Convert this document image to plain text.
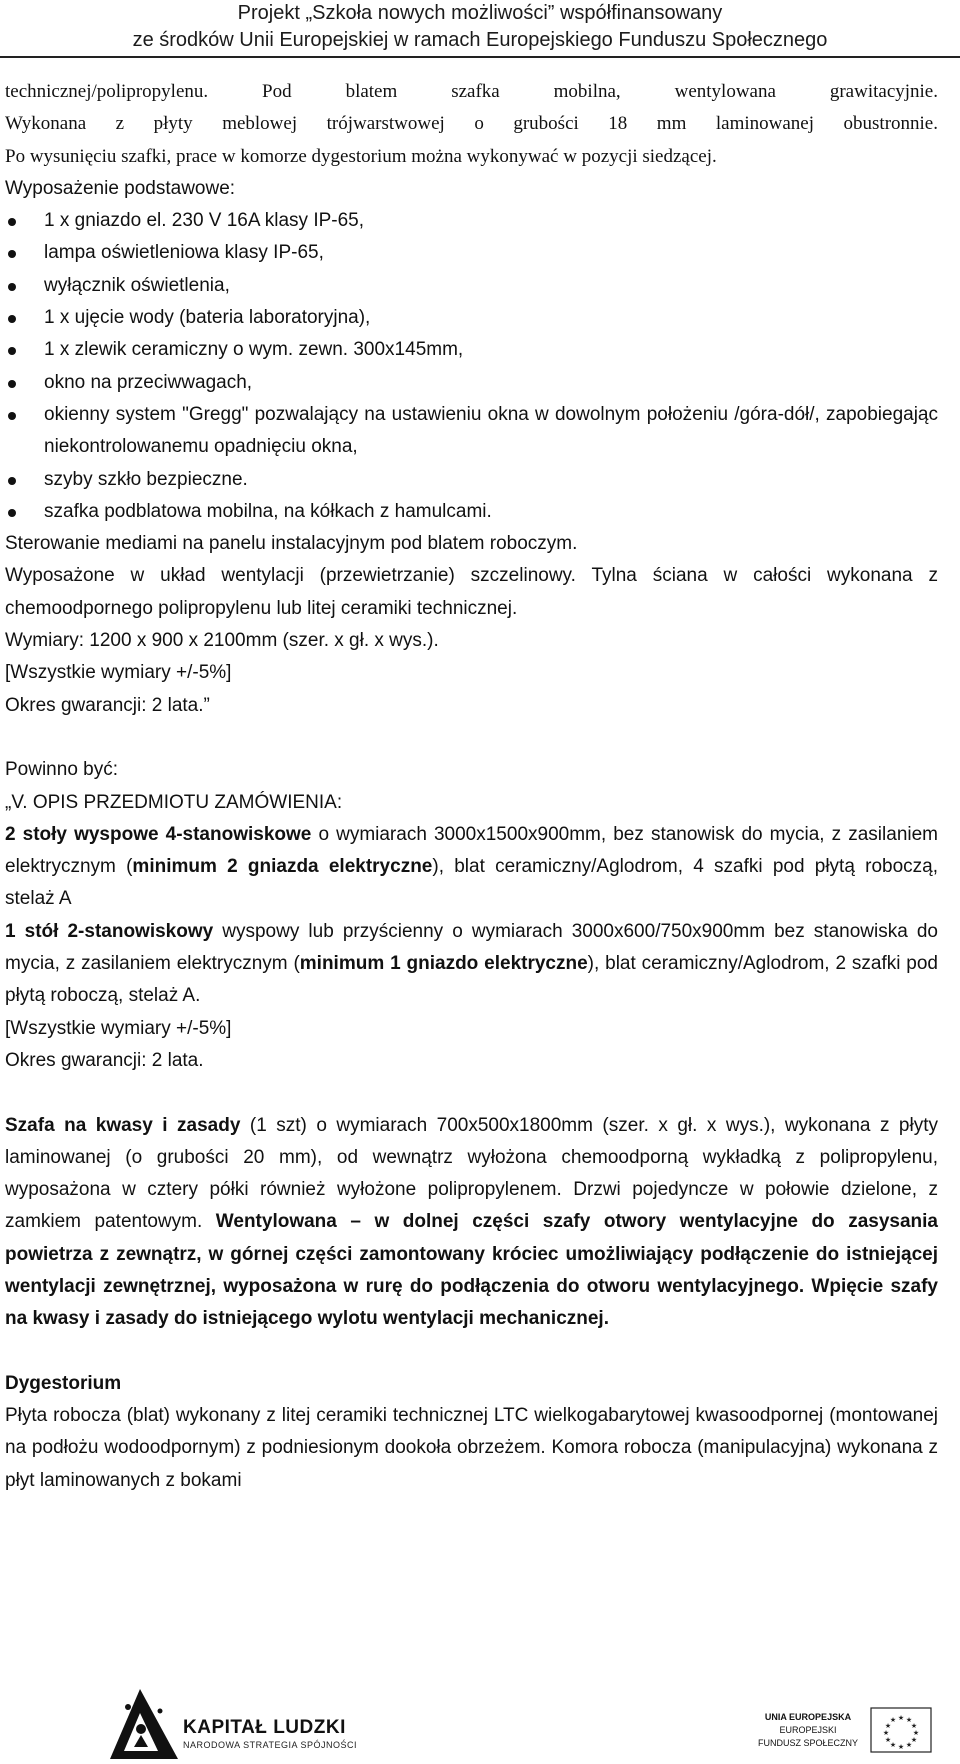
Projekt „Szkoła nowych możliwości” współfinansowany
ze środków Unii Europejskiej w ramach Europejskiego Funduszu Społecznego

technicznej/polipropylenu. Pod blatem szafka mobilna, wentylowana grawitacyjnie.

Wykonana z płyty meblowej trójwarstwowej o grubości 18 mm laminowanej obustronnie.

Po wysunięciu szafki, prace w komorze dygestorium można wykonywać w pozycji siedzącej.

Wyposażenie podstawowe:

1 x gniazdo el. 230 V 16A klasy IP-65,
lampa oświetleniowa klasy IP-65,
wyłącznik oświetlenia,
1 x ujęcie wody (bateria laboratoryjna),
1 x zlewik ceramiczny o wym. zewn. 300x145mm,
okno na przeciwwagach,
okienny system "Gregg" pozwalający na ustawieniu okna w dowolnym położeniu /góra-dół/, zapobiegając niekontrolowanemu opadnięciu okna,
szyby szkło bezpieczne.
szafka podblatowa mobilna, na kółkach z hamulcami.

Sterowanie mediami na panelu instalacyjnym pod blatem roboczym.

Wyposażone w układ wentylacji (przewietrzanie) szczelinowy. Tylna ściana w całości wykonana z chemoodpornego polipropylenu lub litej ceramiki technicznej.

Wymiary: 1200 x 900 x 2100mm (szer. x gł. x wys.).

[Wszystkie wymiary +/-5%]

Okres gwarancji: 2 lata.”

Powinno być:

„V. OPIS PRZEDMIOTU ZAMÓWIENIA:

2 stoły wyspowe 4-stanowiskowe o wymiarach 3000x1500x900mm, bez stanowisk do mycia, z zasilaniem elektrycznym (minimum 2 gniazda elektryczne), blat ceramiczny/Aglodrom, 4 szafki pod płytą roboczą, stelaż A

1 stół 2-stanowiskowy wyspowy lub przyścienny o wymiarach 3000x600/750x900mm bez stanowiska do mycia, z zasilaniem elektrycznym (minimum 1 gniazdo elektryczne), blat ceramiczny/Aglodrom, 2 szafki pod płytą roboczą, stelaż A.

[Wszystkie wymiary +/-5%]

Okres gwarancji: 2 lata.

Szafa na kwasy i zasady (1 szt) o wymiarach 700x500x1800mm (szer. x gł. x wys.), wykonana z płyty laminowanej (o grubości 20 mm), od wewnątrz wyłożona chemoodporną wykładką z polipropylenu, wyposażona w cztery półki również wyłożone polipropylenem. Drzwi pojedyncze w połowie dzielone, z zamkiem patentowym. Wentylowana – w dolnej części szafy otwory wentylacyjne do zasysania powietrza z zewnątrz, w górnej części zamontowany króciec umożliwiający podłączenie do istniejącej wentylacji zewnętrznej, wyposażona w rurę do podłączenia do otworu wentylacyjnego. Wpięcie szafy na kwasy i zasady do istniejącego wylotu wentylacji mechanicznej.

Dygestorium

Płyta robocza (blat) wykonany z litej ceramiki technicznej LTC wielkogabarytowej kwasoodpornej (montowanej na podłożu wodoodpornym) z podniesionym dookoła obrzeżem. Komora robocza (manipulacyjna) wykonana z płyt laminowanych z bokami

KAPITAŁ LUDZKI
NARODOWA STRATEGIA SPÓJNOŚCI
UNIA EUROPEJSKA
EUROPEJSKI
FUNDUSZ SPOŁECZNY
★ ★
★
★
★
★
★
★
★
★
★
★
